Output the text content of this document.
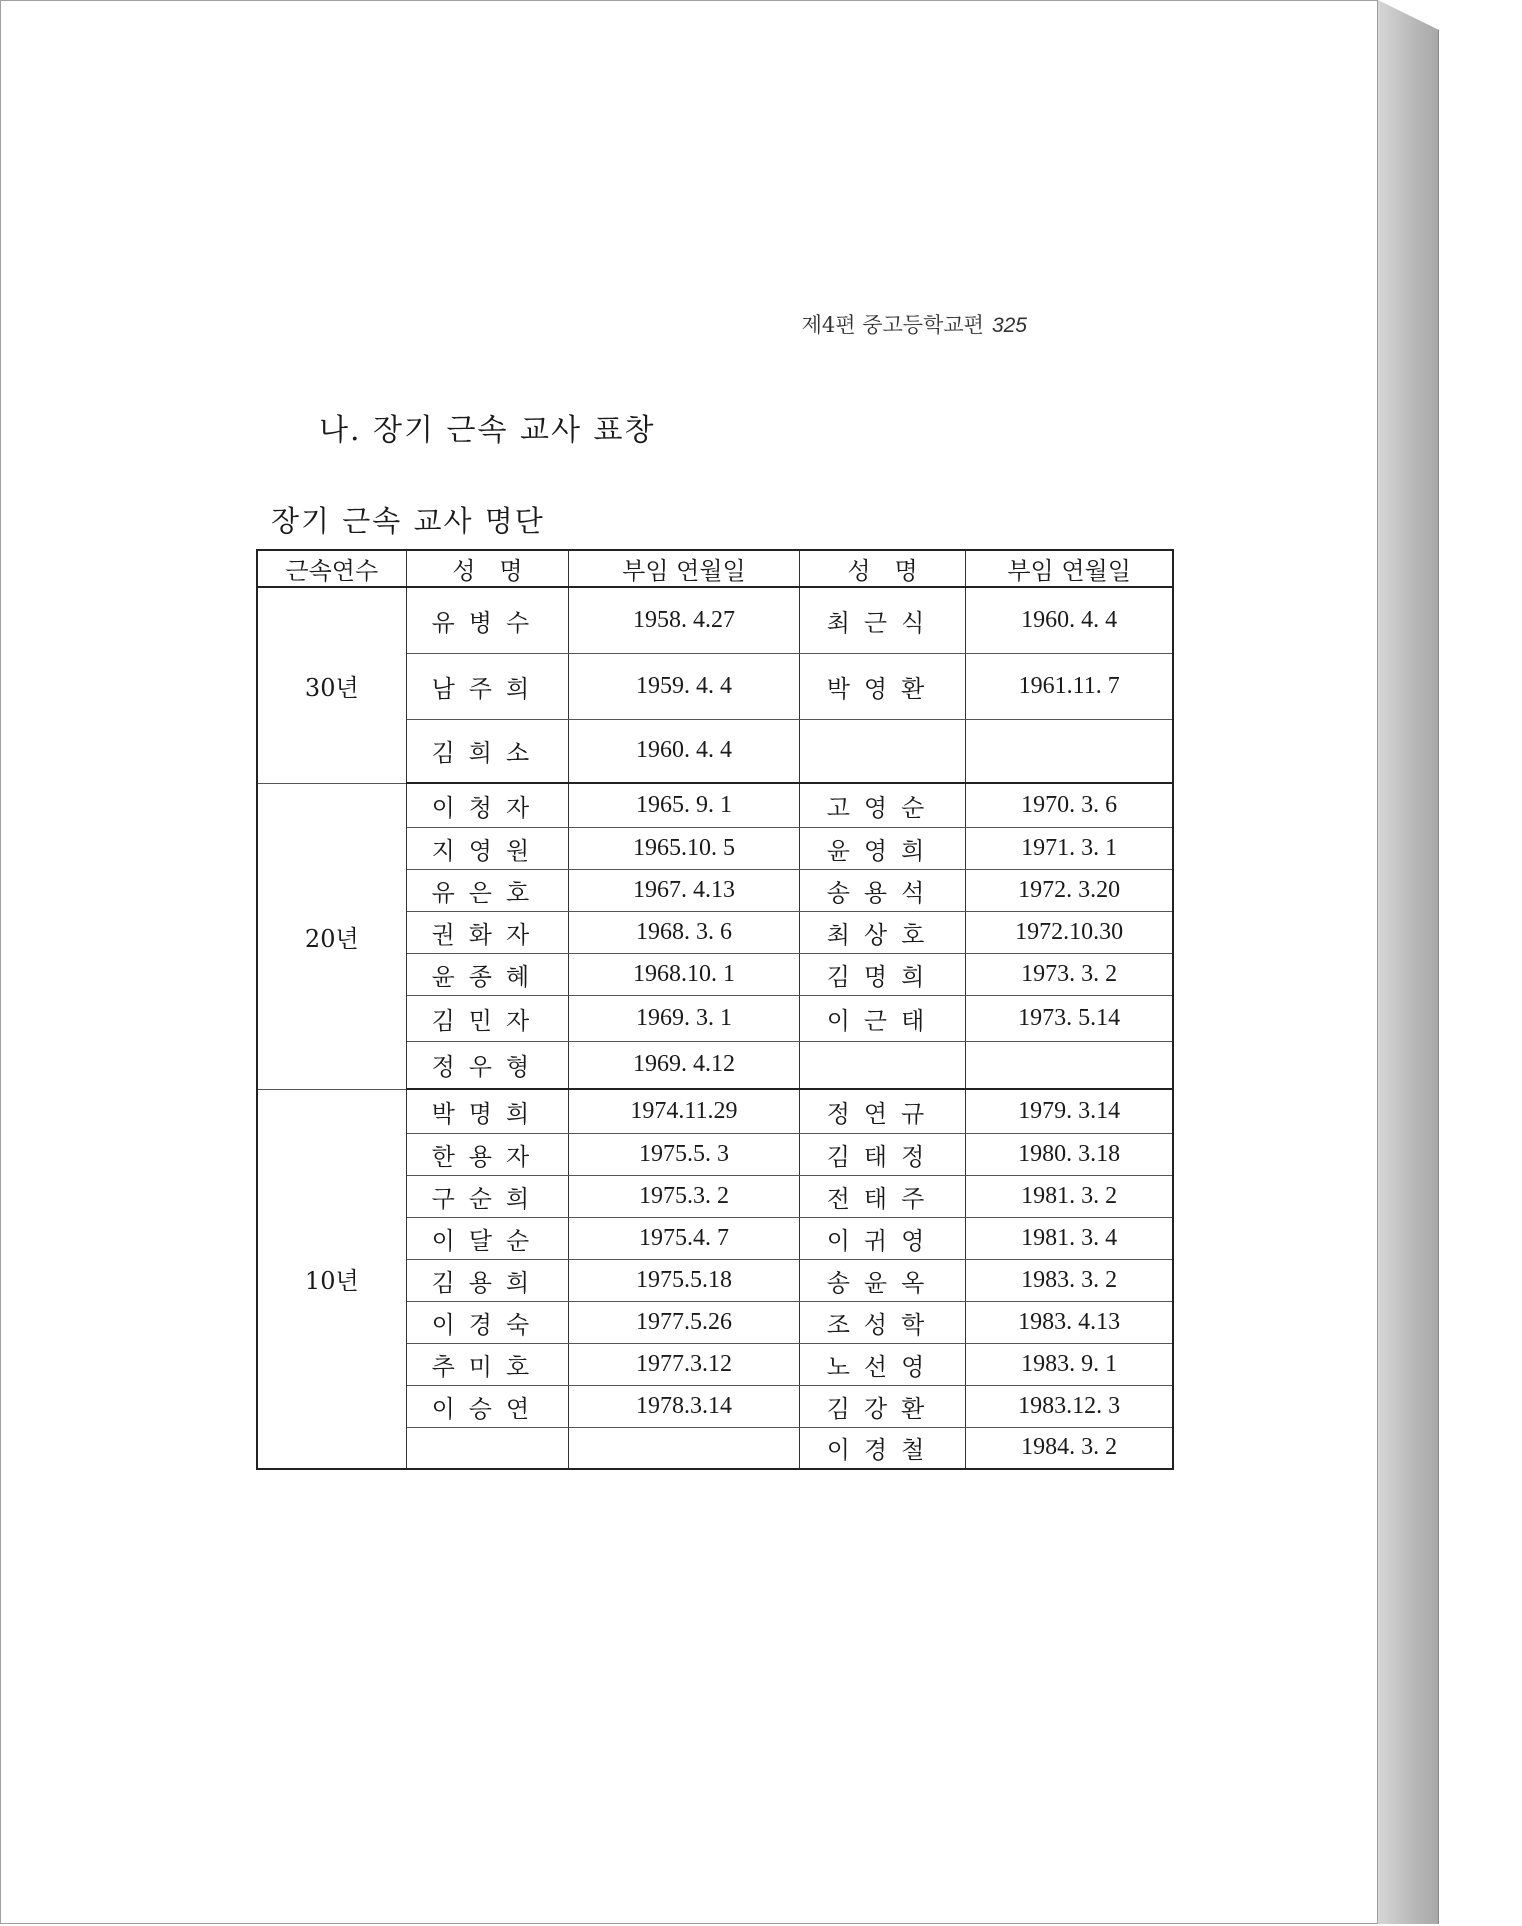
제4편 중고등학교편 325
나. 장기 근속 교사 표창
장기 근속 교사 명단
근속연수	성　명	부임 연월일	성　명	부임 연월일
30년	유병수	1958. 4.27	최근식	1960. 4. 4
	남주희	1959. 4. 4	박영환	1961.11. 7
	김희소	1960. 4. 4		
20년	이청자	1965. 9. 1	고영순	1970. 3. 6
	지영원	1965.10. 5	윤영희	1971. 3. 1
	유은호	1967. 4.13	송용석	1972. 3.20
	권화자	1968. 3. 6	최상호	1972.10.30
	윤종혜	1968.10. 1	김명희	1973. 3. 2
	김민자	1969. 3. 1	이근태	1973. 5.14
	정우형	1969. 4.12		
10년	박명희	1974.11.29	정연규	1979. 3.14
	한용자	1975.5. 3	김태정	1980. 3.18
	구순희	1975.3. 2	전태주	1981. 3. 2
	이달순	1975.4. 7	이귀영	1981. 3. 4
	김용희	1975.5.18	송윤옥	1983. 3. 2
	이경숙	1977.5.26	조성학	1983. 4.13
	추미호	1977.3.12	노선영	1983. 9. 1
	이승연	1978.3.14	김강환	1983.12. 3
			이경철	1984. 3. 2
